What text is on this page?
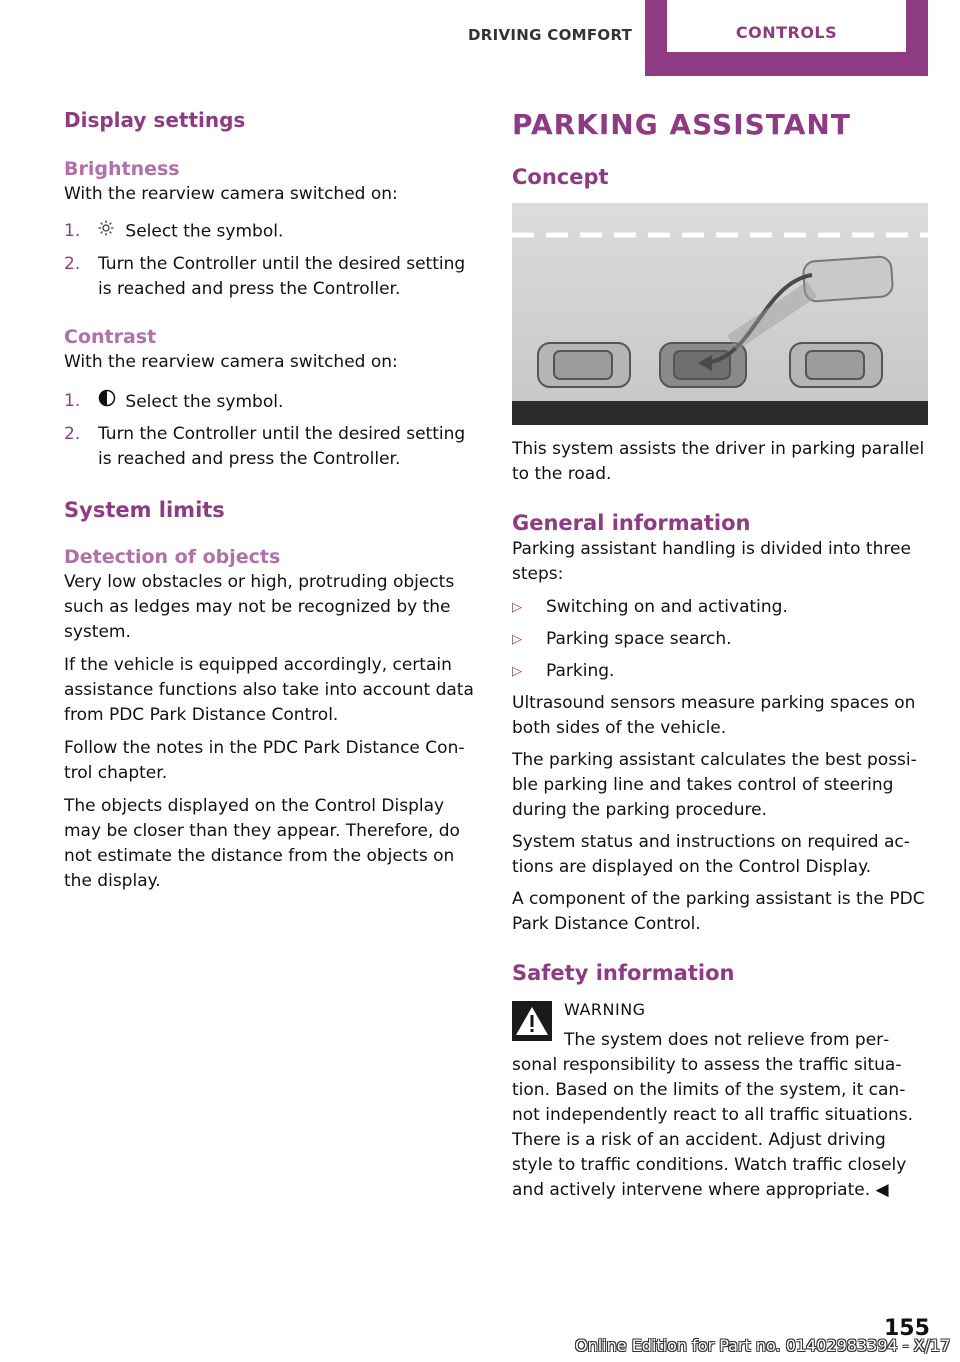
DRIVING COMFORT	CONTROLS
Display settings
Brightness

With the rearview camera switched on:

1.	Select the symbol.
2. Turn the Controller until the desired setting is reached and press the Controller.
Contrast

With the rearview camera switched on:

1.	Select the symbol.
2. Turn the Controller until the desired setting is reached and press the Controller.
System limits
Detection of objects

Very low obstacles or high, protruding objects such as ledges may not be recognized by the system.

If the vehicle is equipped accordingly, certain assistance functions also take into account data from PDC Park Distance Control.

Follow the notes in the PDC Park Distance Con‐trol chapter.

The objects displayed on the Control Display may be closer than they appear. Therefore, do not estimate the distance from the objects on the display.

PARKING ASSISTANT
Concept

This system assists the driver in parking parallel to the road.

General information

Parking assistant handling is divided into three steps:

▷ Switching on and activating.
▷ Parking space search.
▷ Parking.

Ultrasound sensors measure parking spaces on both sides of the vehicle.

The parking assistant calculates the best possi‐ble parking line and takes control of steering during the parking procedure.

System status and instructions on required ac‐tions are displayed on the Control Display.

A component of the parking assistant is the PDC Park Distance Control.

Safety information

WARNING

The system does not relieve from per‐

sonal responsibility to assess the traffic situa‐tion. Based on the limits of the system, it can‐not independently react to all traffic situations. There is a risk of an accident. Adjust driving style to traffic conditions. Watch traffic closely and actively intervene where appropriate. ◀

155
Online Edition for Part no. 01402983394 - X/17
